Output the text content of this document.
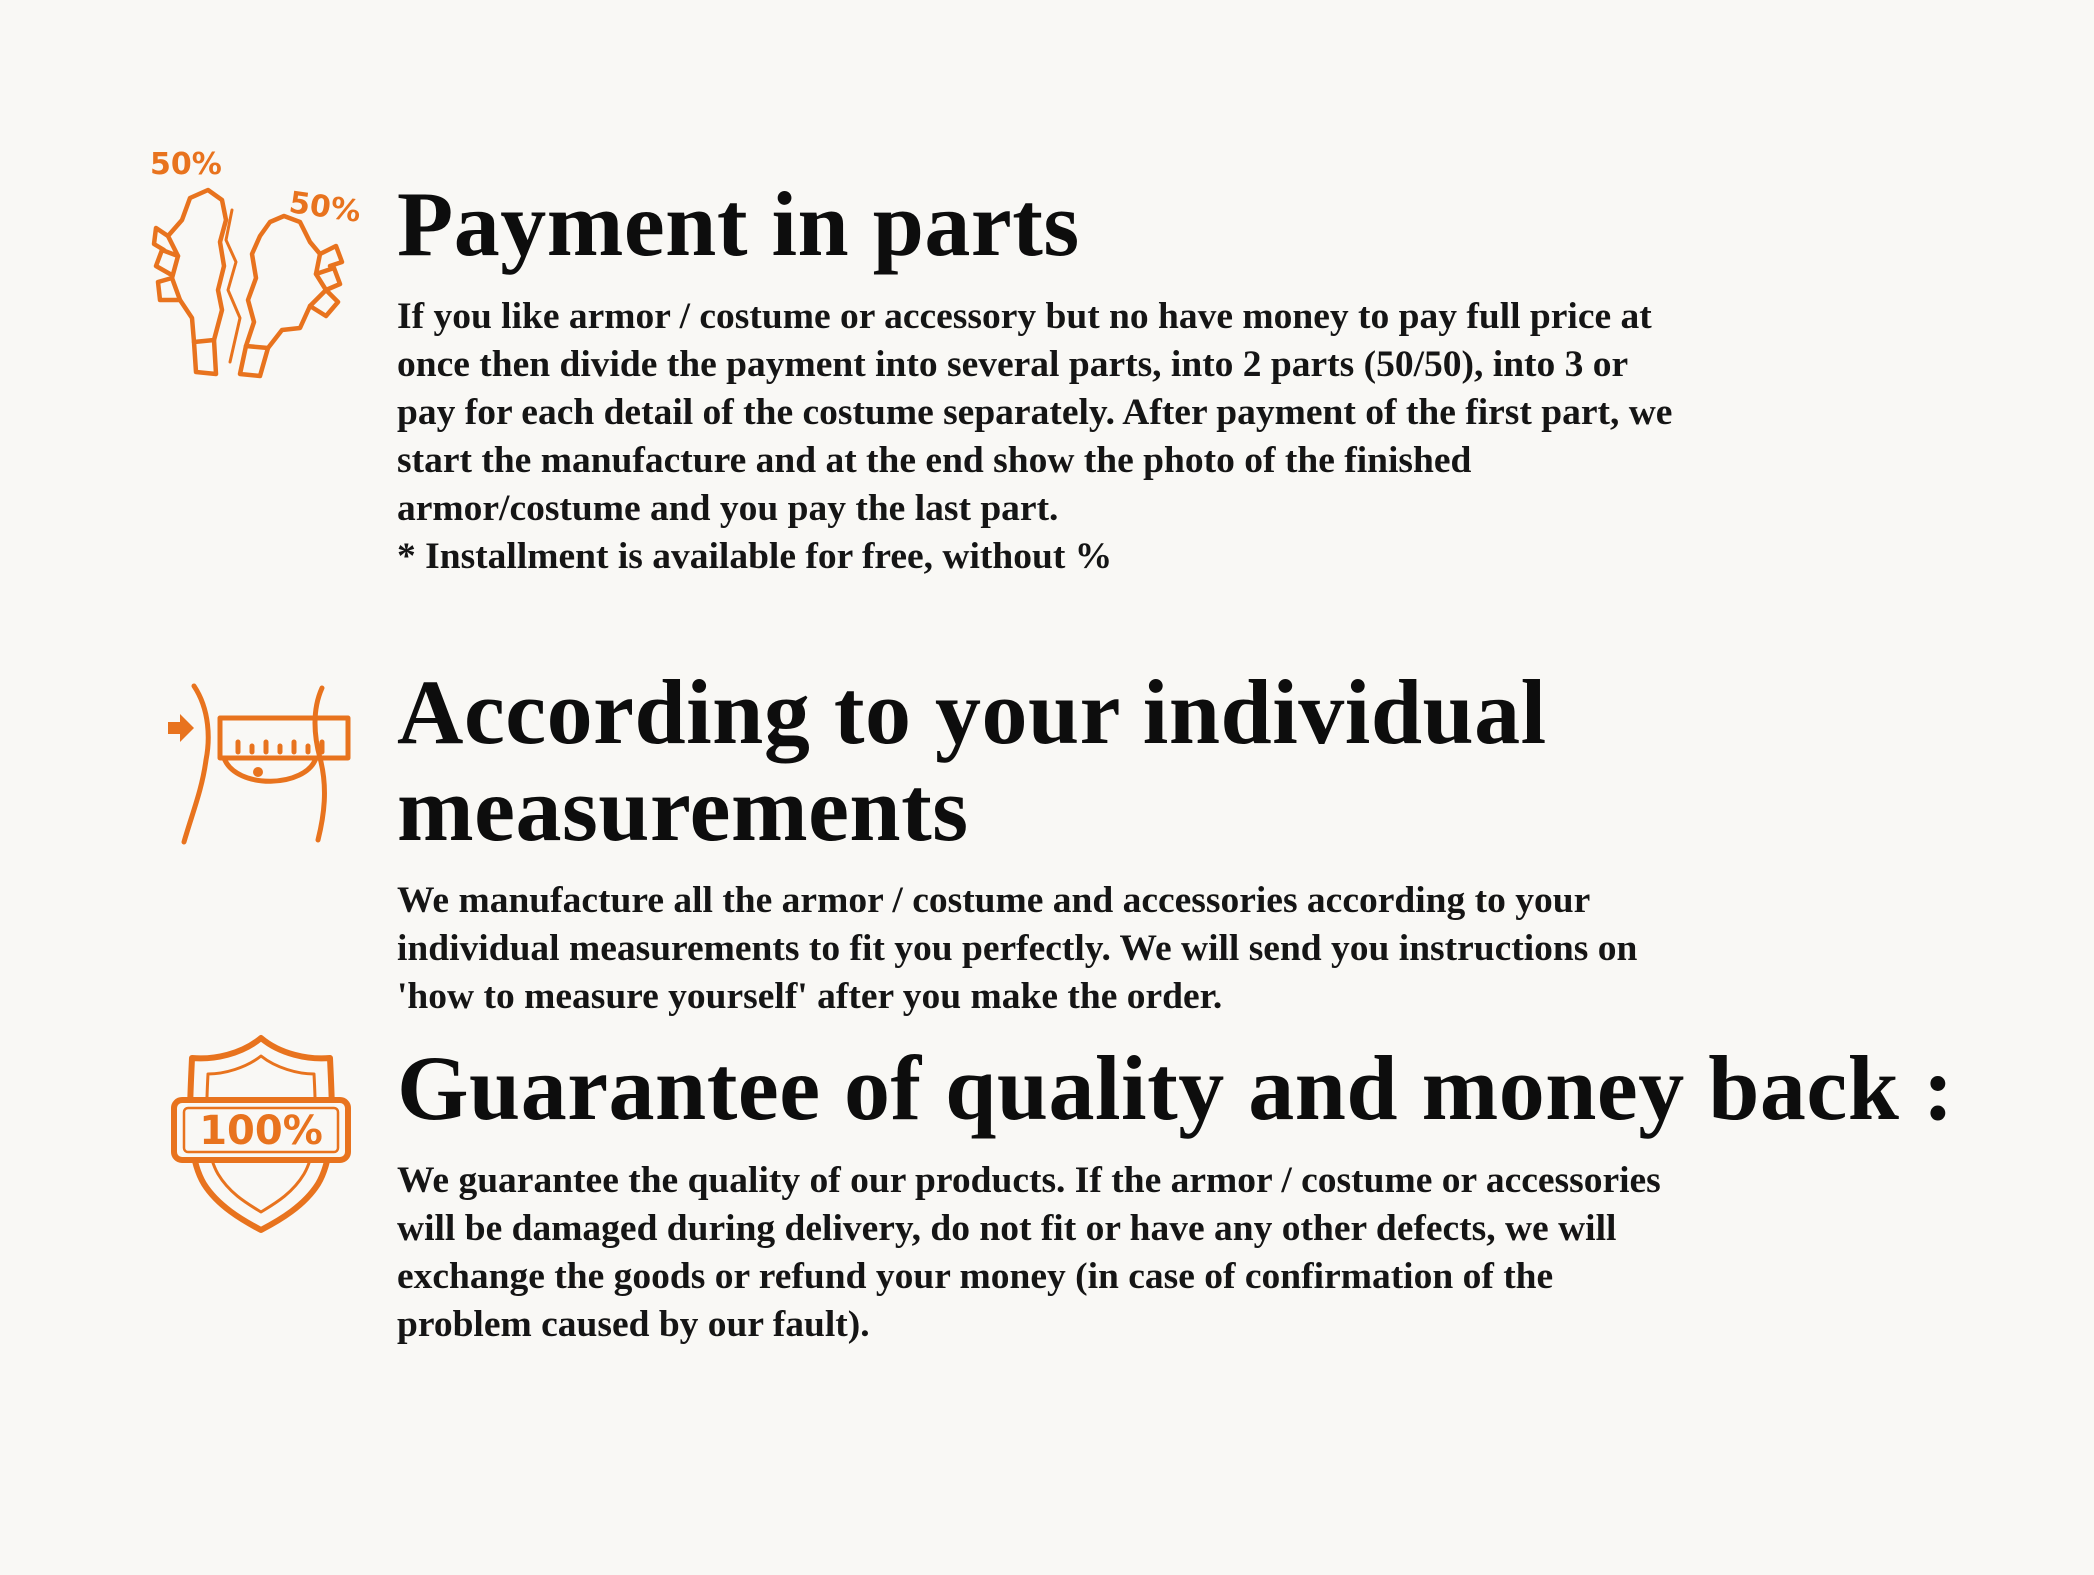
50%
50% Payment in parts

If you like armor / costume or accessory but no have money to pay full price at

once then divide the payment into several parts, into 2 parts (50/50), into 3 or

pay for each detail of the costume separately. After payment of the first part, we

start the manufacture and at the end show the photo of the finished

armor/costume and you pay the last part.

* Installment is available for free, without %

According to your individual measurements

We manufacture all the armor / costume and accessories according to your

individual measurements to fit you perfectly. We will send you instructions on

'how to measure yourself' after you make the order.

100% Guarantee of quality and money back :

We guarantee the quality of our products. If the armor / costume or accessories

will be damaged during delivery, do not fit or have any other defects, we will

exchange the goods or refund your money (in case of confirmation of the

problem caused by our fault).
